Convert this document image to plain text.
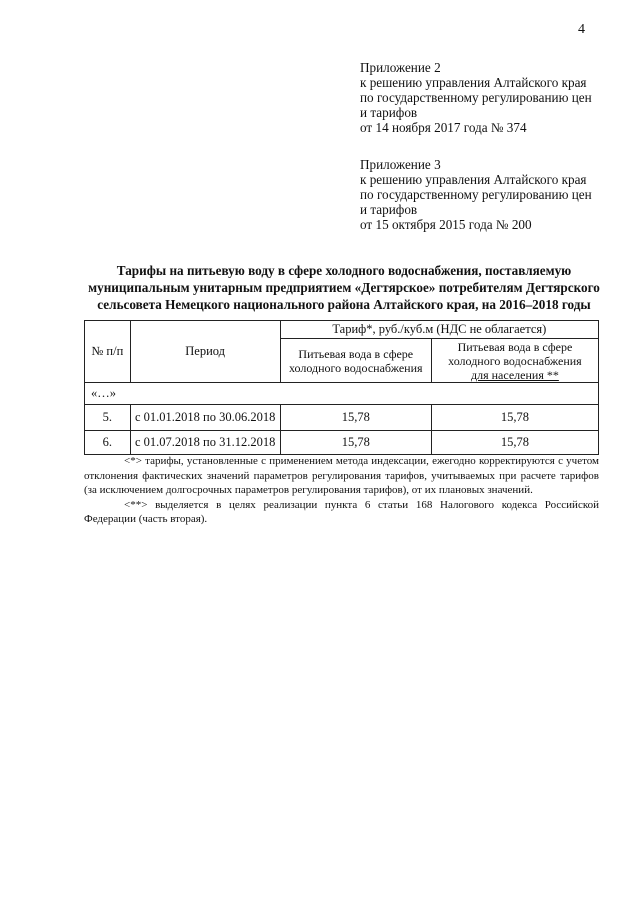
4
Приложение 2
к решению управления Алтайского края
по государственному регулированию цен
и тарифов
от 14 ноября 2017 года № 374
Приложение 3
к решению управления Алтайского края
по государственному регулированию цен
и тарифов
от 15 октября 2015 года № 200
Тарифы на питьевую воду в сфере холодного водоснабжения, поставляемую
муниципальным унитарным предприятием «Дегтярское» потребителям Дегтярского
сельсовета Немецкого национального района Алтайского края, на 2016–2018 годы
№ п/п	Период	Тариф*, руб./куб.м (НДС не облагается)	
		Питьевая вода в сфере холодного водоснабжения	Питьевая вода в сфере холодного водоснабжения
для населения **
«…»			
5.	с 01.01.2018 по 30.06.2018	15,78	15,78
6.	с 01.07.2018 по 31.12.2018	15,78	15,78

<*> тарифы, установленные с применением метода индексации, ежегодно корректируются с учетом отклонения фактических значений параметров регулирования тарифов, учитываемых при расчете тарифов (за исключением долгосрочных параметров регулирования тарифов), от их плановых значений.

<**> выделяется в целях реализации пункта 6 статьи 168 Налогового кодекса Российской Федерации (часть вторая).
